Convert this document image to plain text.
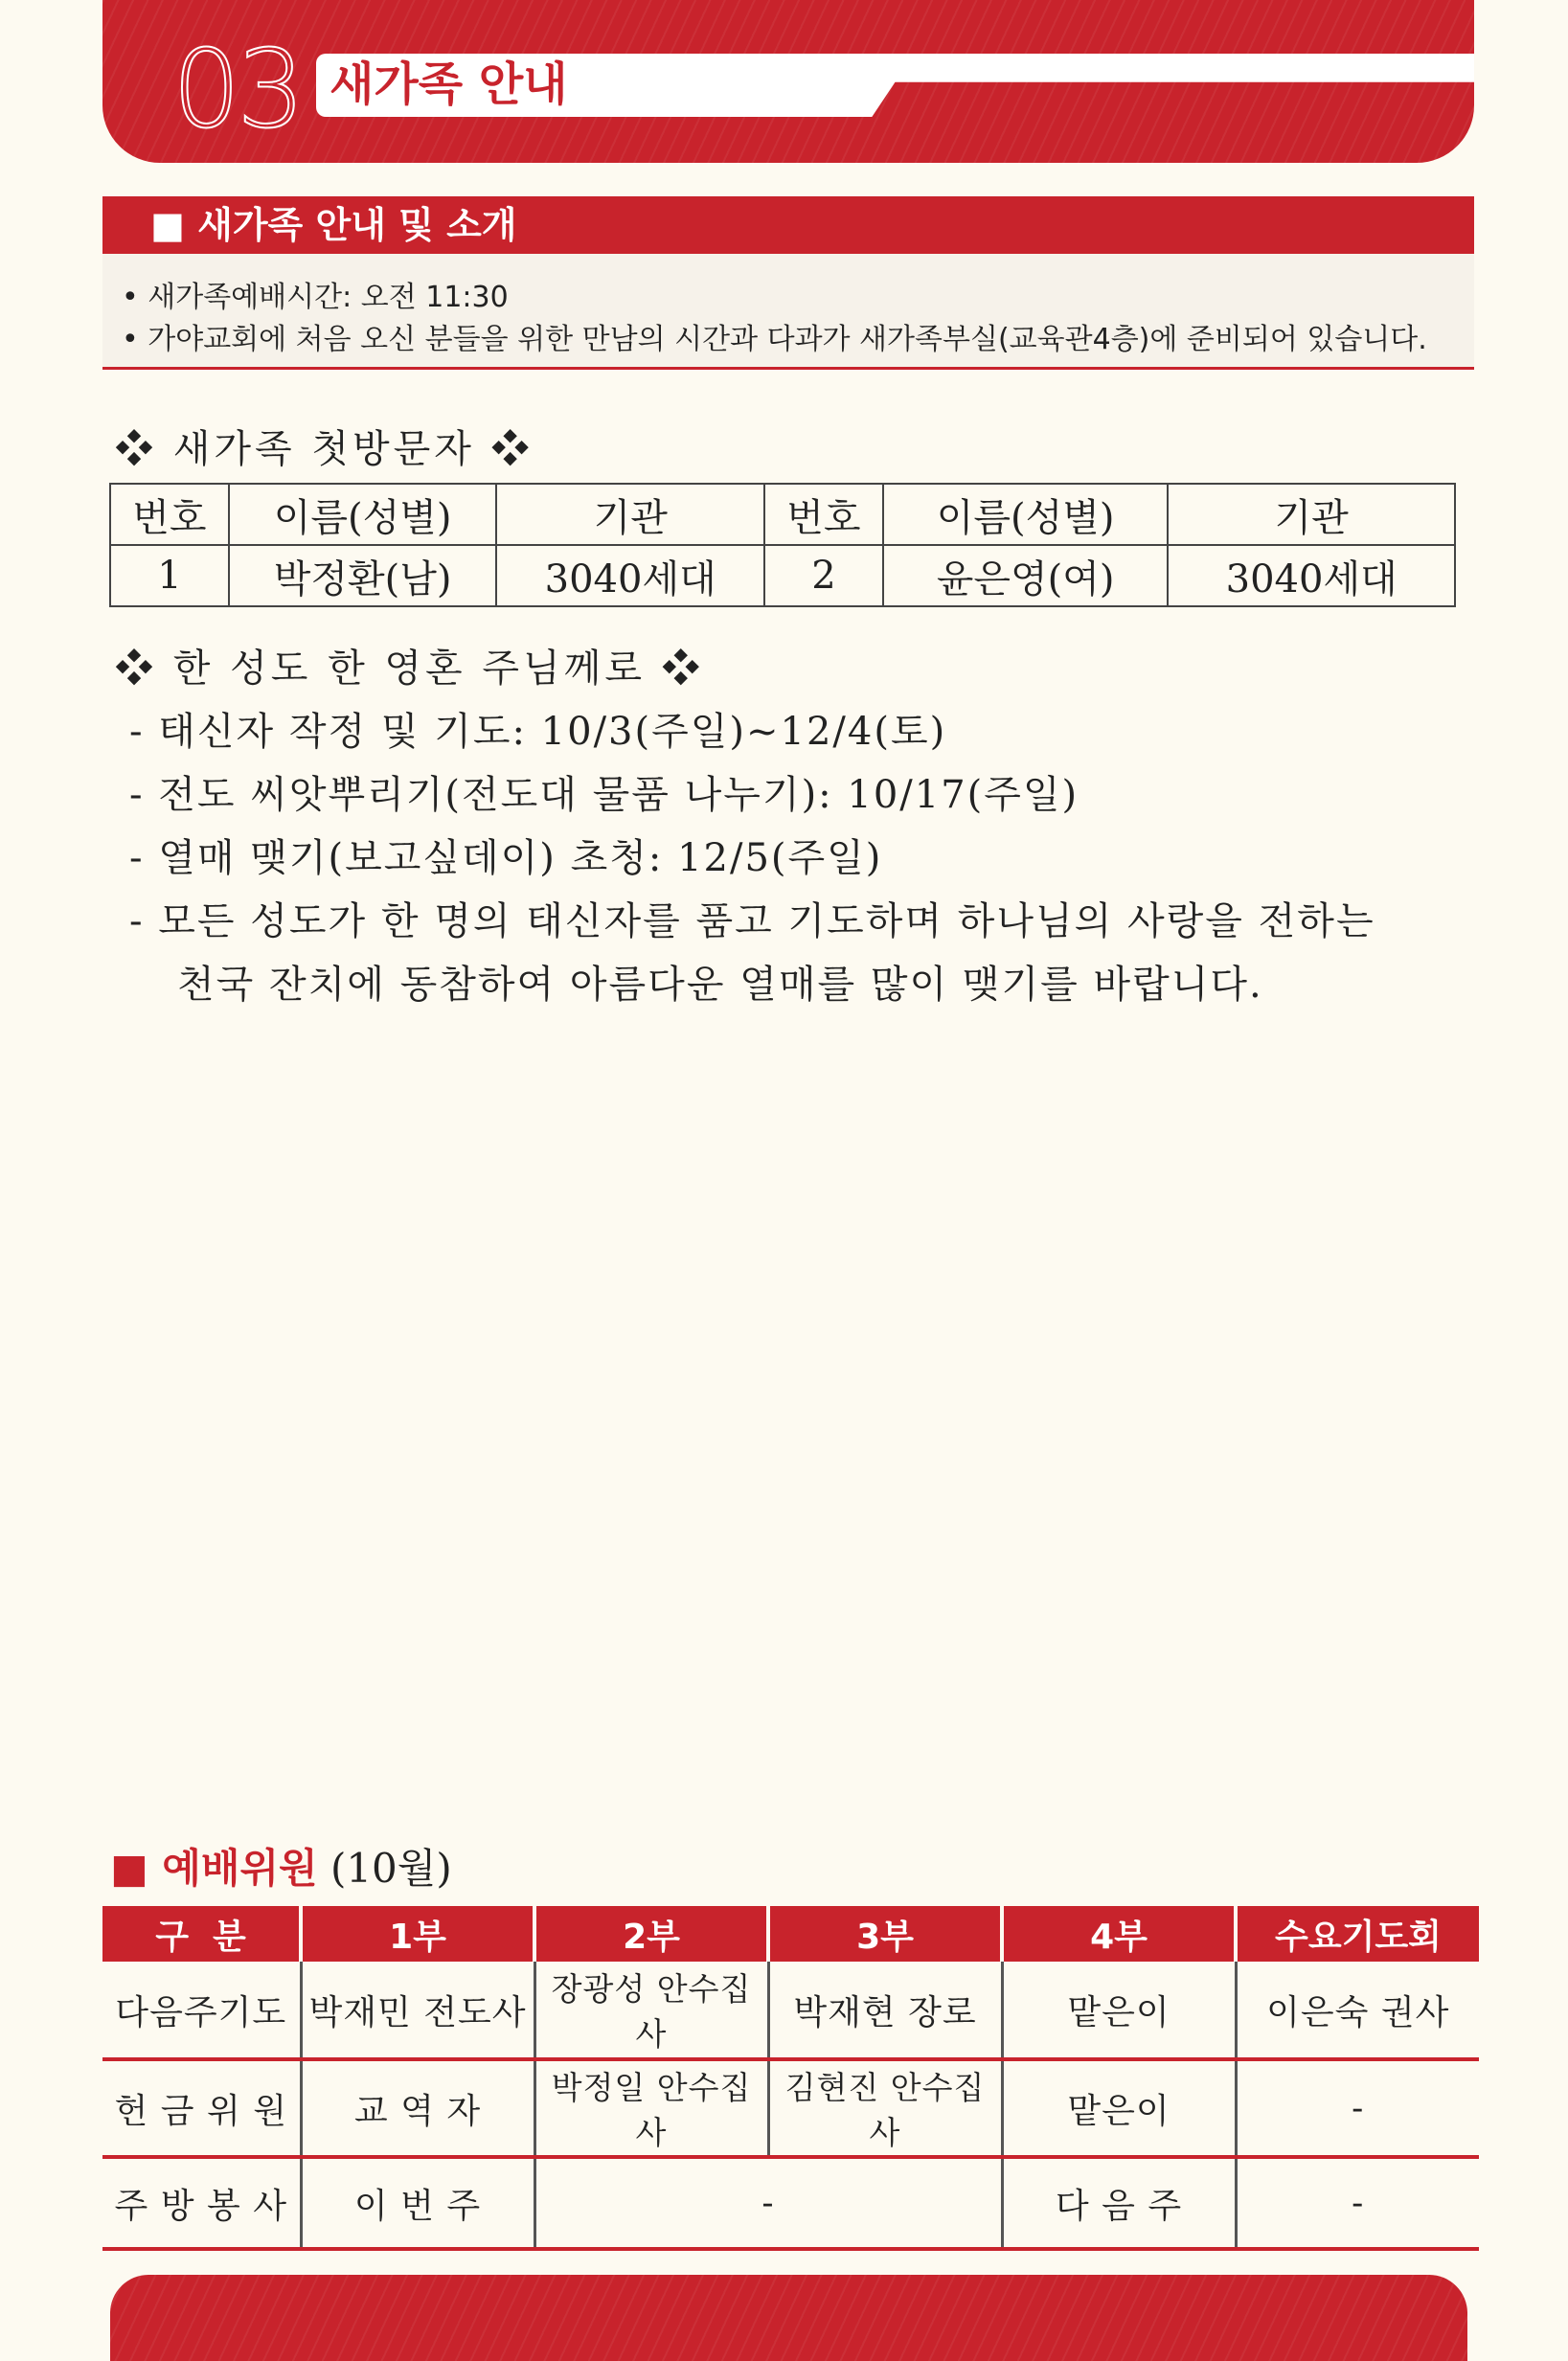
03 새가족 안내
■ 새가족 안내 및 소개
• 새가족예배시간: 오전 11:30
• 가야교회에 처음 오신 분들을 위한 만남의 시간과 다과가 새가족부실(교육관4층)에 준비되어 있습니다.
❖ 새가족 첫방문자 ❖
번호	이름(성별)	기관	번호	이름(성별)	기관
1	박정환(남)	3040세대	2	윤은영(여)	3040세대
❖ 한 성도 한 영혼 주님께로 ❖
- 태신자 작정 및 기도: 10/3(주일)~12/4(토)
- 전도 씨앗뿌리기(전도대 물품 나누기): 10/17(주일)
- 열매 맺기(보고싶데이) 초청: 12/5(주일)
- 모든 성도가 한 명의 태신자를 품고 기도하며 하나님의 사랑을 전하는
천국 잔치에 동참하여 아름다운 열매를 많이 맺기를 바랍니다.
■ 예배위원 (10월)
구  분	1부	2부	3부	4부	수요기도회
다음주기도	박재민 전도사	장광성 안수집사	박재현 장로	맡은이	이은숙 권사
헌 금 위 원	교 역 자	박정일 안수집사	김현진 안수집사	맡은이	-
주 방 봉 사	이 번 주	-		다 음 주	-
